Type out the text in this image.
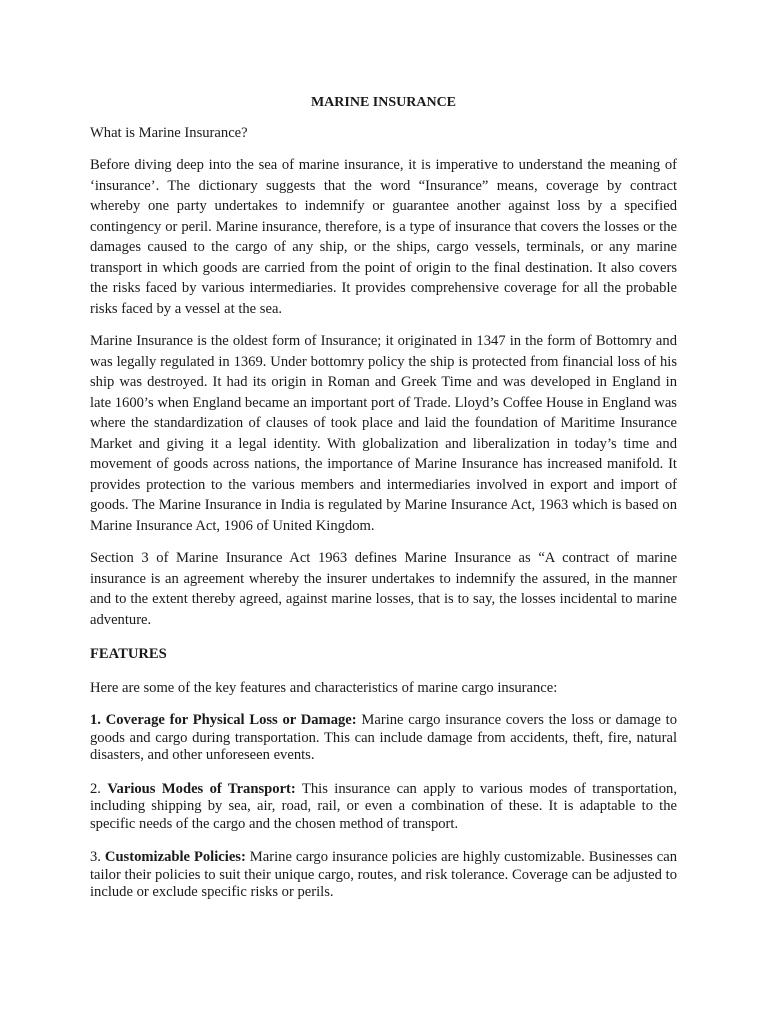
MARINE INSURANCE
What is Marine Insurance?

Before diving deep into the sea of marine insurance, it is imperative to understand the meaning of ‘insurance’. The dictionary suggests that the word “Insurance” means, coverage by contract whereby one party undertakes to indemnify or guarantee another against loss by a specified contingency or peril. Marine insurance, therefore, is a type of insurance that covers the losses or the damages caused to the cargo of any ship, or the ships, cargo vessels, terminals, or any marine transport in which goods are carried from the point of origin to the final destination. It also covers the risks faced by various intermediaries. It provides comprehensive coverage for all the probable risks faced by a vessel at the sea.

Marine Insurance is the oldest form of Insurance; it originated in 1347 in the form of Bottomry and was legally regulated in 1369. Under bottomry policy the ship is protected from financial loss of his ship was destroyed. It had its origin in Roman and Greek Time and was developed in England in late 1600’s when England became an important port of Trade. Lloyd’s Coffee House in England was where the standardization of clauses of took place and laid the foundation of Maritime Insurance Market and giving it a legal identity. With globalization and liberalization in today’s time and movement of goods across nations, the importance of Marine Insurance has increased manifold. It provides protection to the various members and intermediaries involved in export and import of goods. The Marine Insurance in India is regulated by Marine Insurance Act, 1963 which is based on Marine Insurance Act, 1906 of United Kingdom.

Section 3 of Marine Insurance Act 1963 defines Marine Insurance as “A contract of marine insurance is an agreement whereby the insurer undertakes to indemnify the assured, in the manner and to the extent thereby agreed, against marine losses, that is to say, the losses incidental to marine adventure.

FEATURES
Here are some of the key features and characteristics of marine cargo insurance:

1. Coverage for Physical Loss or Damage: Marine cargo insurance covers the loss or damage to goods and cargo during transportation. This can include damage from accidents, theft, fire, natural disasters, and other unforeseen events.

2. Various Modes of Transport: This insurance can apply to various modes of transportation, including shipping by sea, air, road, rail, or even a combination of these. It is adaptable to the specific needs of the cargo and the chosen method of transport.

3. Customizable Policies: Marine cargo insurance policies are highly customizable. Businesses can tailor their policies to suit their unique cargo, routes, and risk tolerance. Coverage can be adjusted to include or exclude specific risks or perils.
